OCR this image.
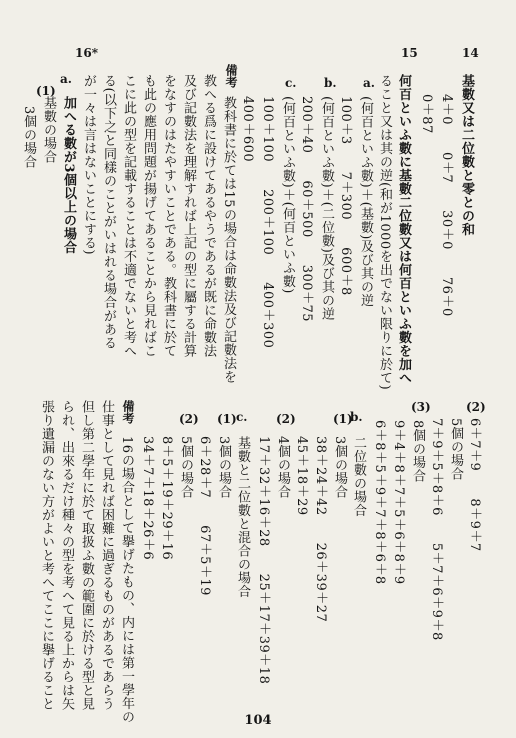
14
基數又は二位數と零との和
4＋0　　0＋7　　30＋0　　76＋0
0＋87
15
何百といふ數に基數二位數又は何百といふ數を加へ
ること又は其の逆(和が1000を出でない限りに於て)
a.
(何百といふ數)＋(基數)及び其の逆
100＋3　　7＋300　　600＋8
b.
(何百といふ數)＋(二位數)及び其の逆
200＋40　　60＋500　　300＋75
c.
(何百といふ數)＋(何百といふ數)
100＋100　　200＋100　　400＋300
400＋600
備考
教科書に於ては15の場合は命數法及び記數法を
教へる爲に設けてあるやうであるが既に命數法
及び記數法を理解すれば上記の型に屬する計算
をなすのはたやすいことである。教科書に於て
も此の應用問題が揚げてあることから見ればこ
こに此の型を記載することは不適でないと考へ
る(以下之と同樣のことがいはれる場合がある
が一々は言はないことにする)
16*
加へる數が3個以上の場合
a.
基數の場合
(1)
3個の場合
(2)
6＋7＋9　　8＋9＋7
5個の場合
7＋9＋5＋8＋6　　5＋7＋6＋9＋8
(3)
8個の場合
9＋4＋8＋7＋5＋6＋8＋9
6＋8＋5＋9＋7＋8＋6＋8
b.
二位數の場合
(1)
3個の場合
38＋24＋42　　26＋39＋27
45＋18＋29
(2)
4個の場合
17＋32＋16＋28　　25＋17＋39＋18
c.
基數と二位數と混合の場合
(1)
3個の場合
6＋28＋7　　67＋5＋19
(2)
5個の場合
8＋5＋19＋29＋16
34＋7＋18＋26＋6
備考
16の場合として擧げたもの、内には第一學年の
仕事として見れば困難に過ぎるものがあるであらう
但し第二學年に於て取扱ふ數の範圍に於ける型と見
られ、出來るだけ種々の型を考へて見る上からは矢
張り遺漏のない方がよいと考へてここに擧げること
104
